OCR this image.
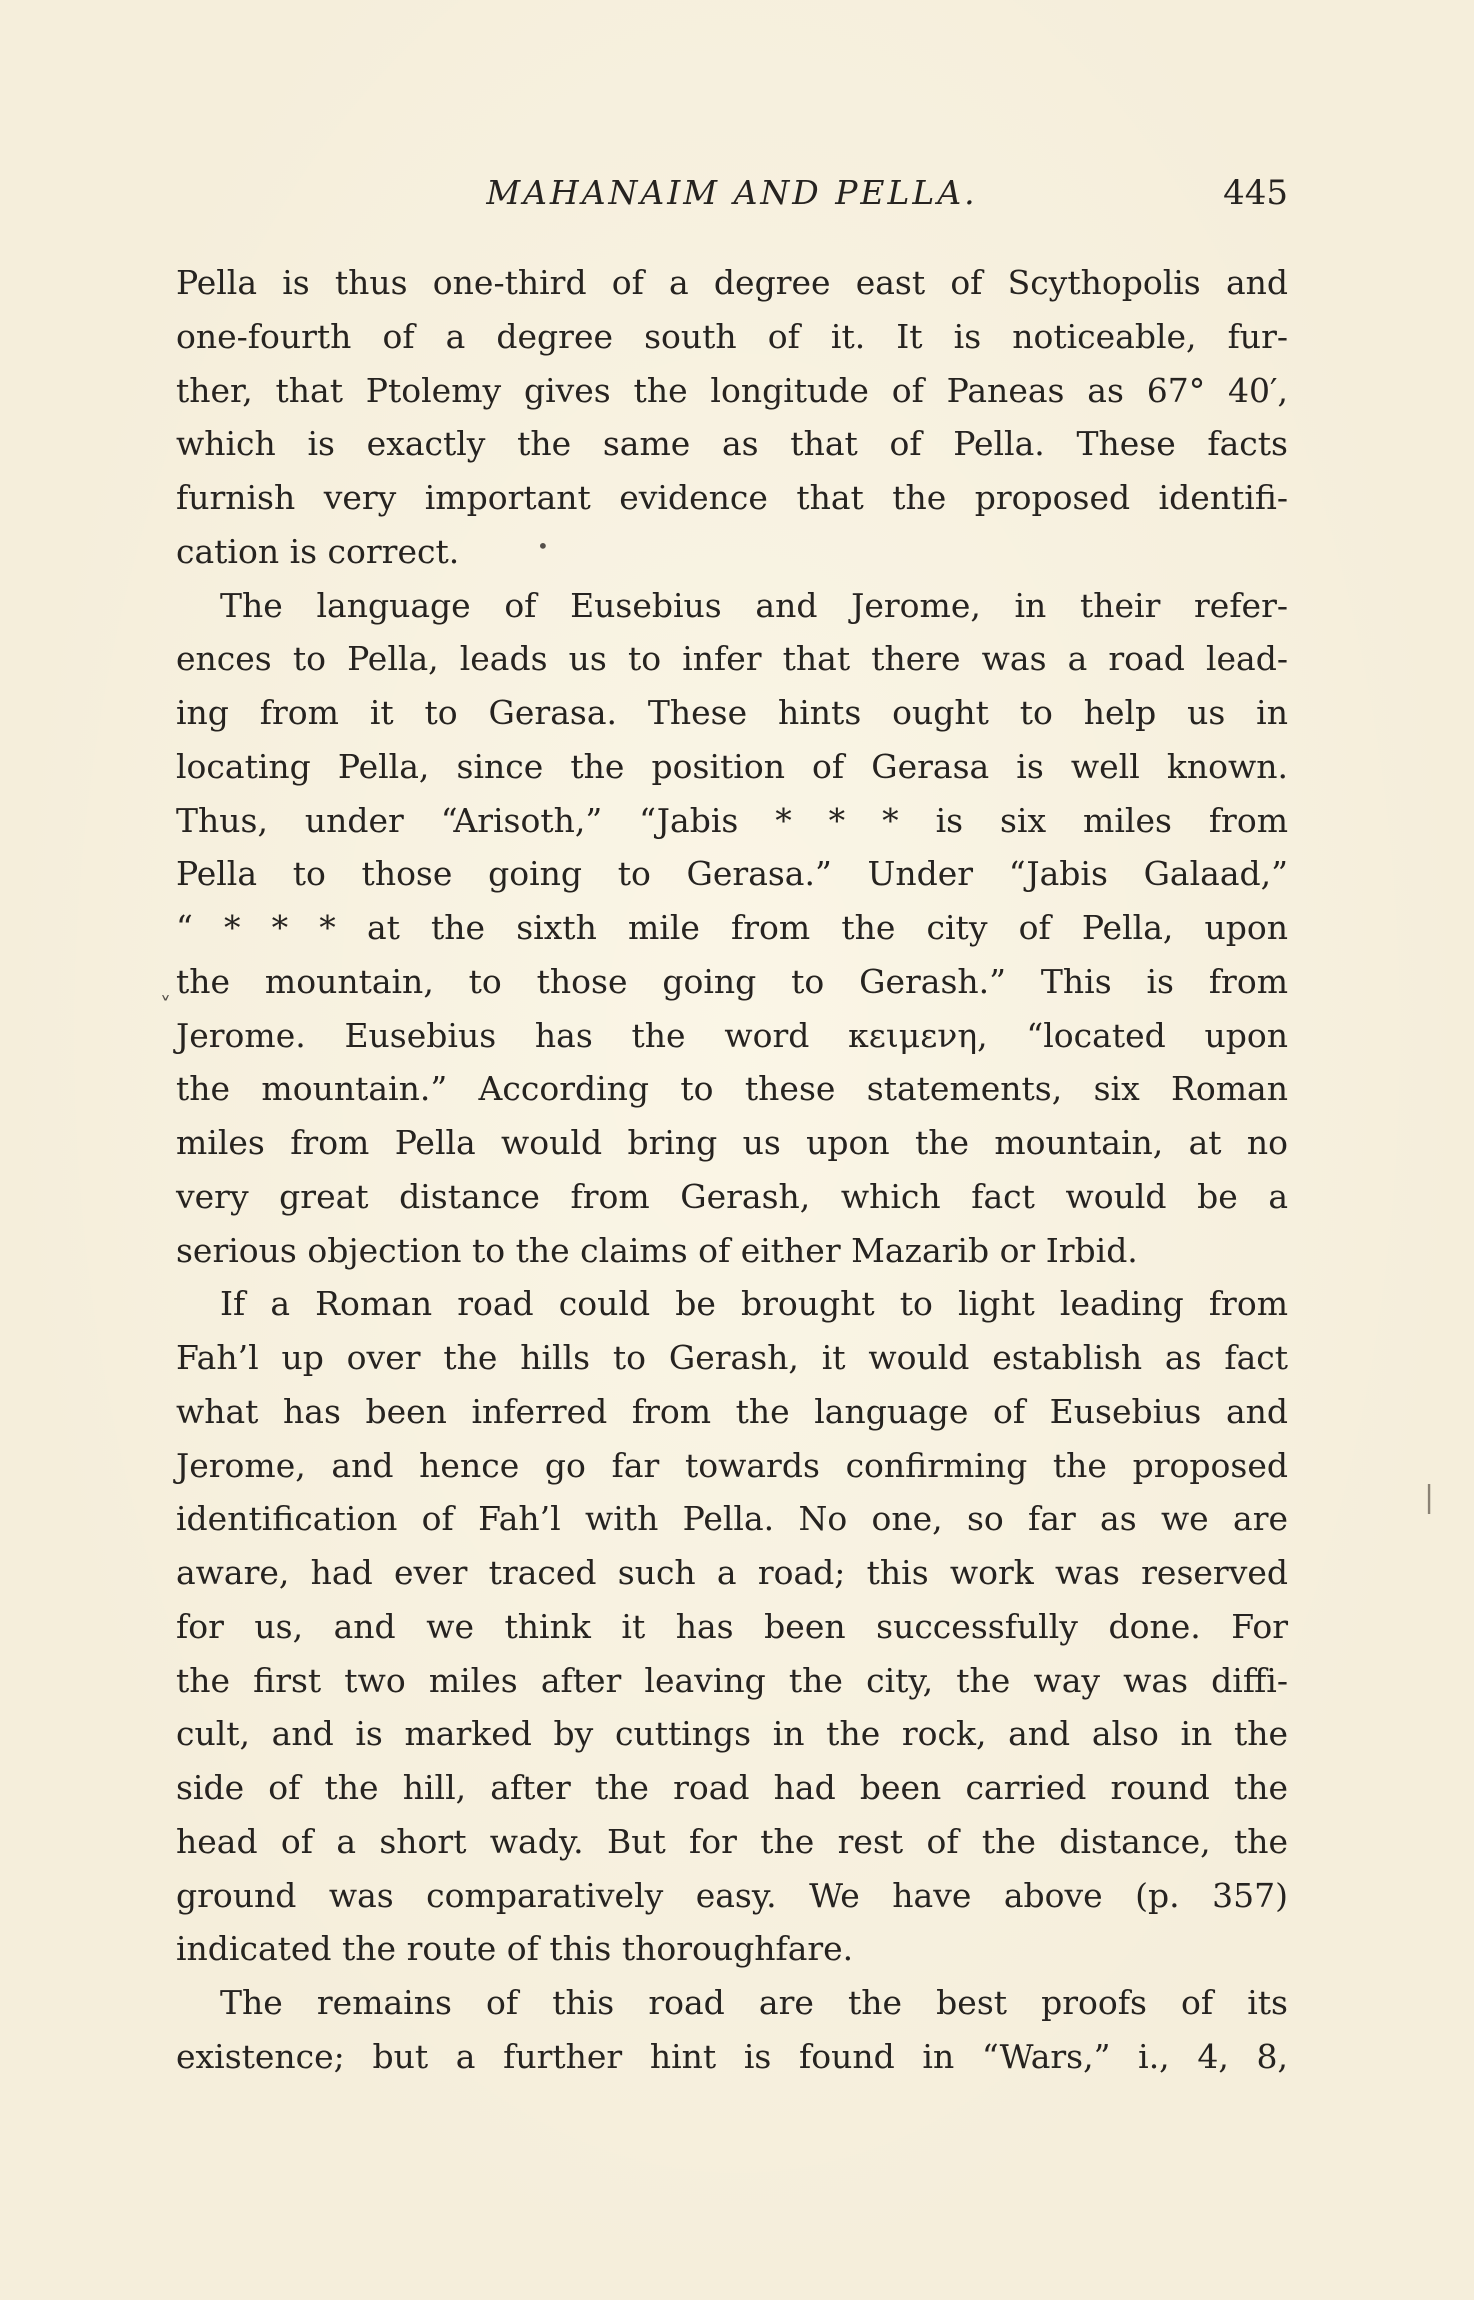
MAHANAIM AND PELLA.	445
Pella is thus one-third of a degree east of Scythopolis and
one-fourth of a degree south of it. It is noticeable, fur-
ther, that Ptolemy gives the longitude of Paneas as 67° 40′,
which is exactly the same as that of Pella. These facts
furnish very important evidence that the proposed identifi-
cation is correct.
The language of Eusebius and Jerome, in their refer-
ences to Pella, leads us to infer that there was a road lead-
ing from it to Gerasa. These hints ought to help us in
locating Pella, since the position of Gerasa is well known.
Thus, under “Arisoth,” “Jabis * * * is six miles from
Pella to those going to Gerasa.” Under “Jabis Galaad,”
“ * * * at the sixth mile from the city of Pella, upon
the mountain, to those going to Gerash.” This is from
Jerome. Eusebius has the word κειμενη, “located upon
the mountain.” According to these statements, six Roman
miles from Pella would bring us upon the mountain, at no
very great distance from Gerash, which fact would be a
serious objection to the claims of either Mazarib or Irbid.
If a Roman road could be brought to light leading from
Fah’l up over the hills to Gerash, it would establish as fact
what has been inferred from the language of Eusebius and
Jerome, and hence go far towards confirming the proposed
identification of Fah’l with Pella. No one, so far as we are
aware, had ever traced such a road; this work was reserved
for us, and we think it has been successfully done. For
the first two miles after leaving the city, the way was diffi-
cult, and is marked by cuttings in the rock, and also in the
side of the hill, after the road had been carried round the
head of a short wady. But for the rest of the distance, the
ground was comparatively easy. We have above (p. 357)
indicated the route of this thoroughfare.
The remains of this road are the best proofs of its
existence; but a further hint is found in “Wars,” i., 4, 8,
•
ˬ
|
